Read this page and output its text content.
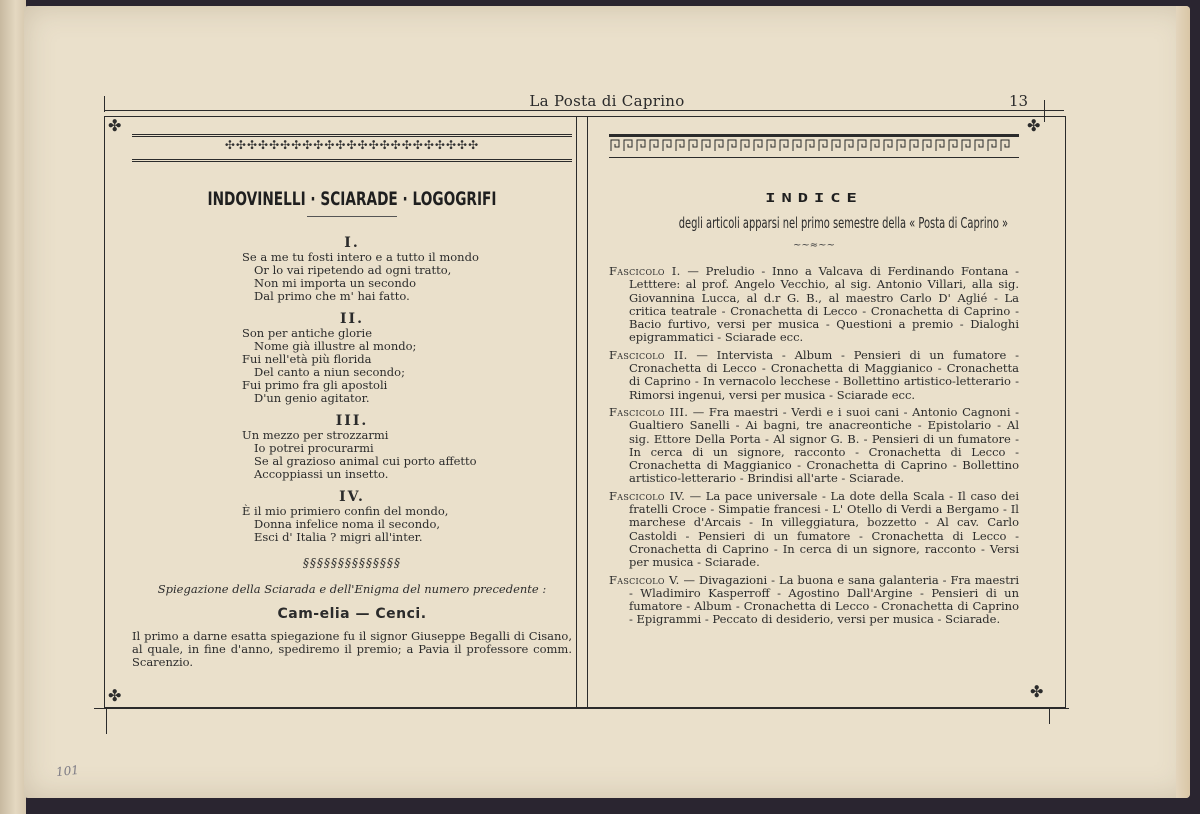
La Posta di Caprino	13
✤
✤
✤
✤
✣✣✣✣✣✣✣✣✣✣✣✣✣✣✣✣✣✣✣✣✣✣✣
INDOVINELLI · SCIARADE · LOGOGRIFI
I.
Se a me tu fosti intero e a tutto il mondo
Or lo vai ripetendo ad ogni tratto,
Non mi importa un secondo
Dal primo che m' hai fatto.
II.
Son per antiche glorie
Nome già illustre al mondo;
Fui nell'età più florida
Del canto a niun secondo;
Fui primo fra gli apostoli
D'un genio agitator.
III.
Un mezzo per strozzarmi
Io potrei procurarmi
Se al grazioso animal cui porto affetto
Accoppiassi un insetto.
IV.
È il mio primiero confin del mondo,
Donna infelice noma il secondo,
Esci d' Italia ? migri all'inter.
§§§§§§§§§§§§§§
Spiegazione della Sciarada e dell'Enigma del numero precedente :
Cam-elia — Cenci.
Il primo a darne esatta spiegazione fu il signor Giuseppe Begalli di Cisano, al quale, in fine d'anno, spediremo il premio; a Pavia il professore comm. Scarenzio.
INDICE
degli articoli apparsi nel primo semestre della « Posta di Caprino »
~~≈~~
Fascicolo I. — Preludio - Inno a Valcava di Ferdinando Fontana - Letttere: al prof. Angelo Vecchio, al sig. Antonio Villari, alla sig. Giovannina Lucca, al d.r G. B., al maestro Carlo D' Aglié - La critica teatrale - Cronachetta di Lecco - Cronachetta di Caprino - Bacio furtivo, versi per musica - Questioni a premio - Dialoghi epigrammatici - Sciarade ecc.
Fascicolo II. — Intervista - Album - Pensieri di un fumatore - Cronachetta di Lecco - Cronachetta di Maggianico - Cronachetta di Caprino - In vernacolo lecchese - Bollettino artistico-letterario - Rimorsi ingenui, versi per musica - Sciarade ecc.
Fascicolo III. — Fra maestri - Verdi e i suoi cani - Antonio Cagnoni - Gualtiero Sanelli - Ai bagni, tre anacreontiche - Epistolario - Al sig. Ettore Della Porta - Al signor G. B. - Pensieri di un fumatore - In cerca di un signore, racconto - Cronachetta di Lecco - Cronachetta di Maggianico - Cronachetta di Caprino - Bollettino artistico-letterario - Brindisi all'arte - Sciarade.
Fascicolo IV. — La pace universale - La dote della Scala - Il caso dei fratelli Croce - Simpatie francesi - L' Otello di Verdi a Bergamo - Il marchese d'Arcais - In villeggiatura, bozzetto - Al cav. Carlo Castoldi - Pensieri di un fumatore - Cronachetta di Lecco - Cronachetta di Caprino - In cerca di un signore, racconto - Versi per musica - Sciarade.
Fascicolo V. — Divagazioni - La buona e sana galanteria - Fra maestri - Wladimiro Kasperroff - Agostino Dall'Argine - Pensieri di un fumatore - Album - Cronachetta di Lecco - Cronachetta di Caprino - Epigrammi - Peccato di desiderio, versi per musica - Sciarade.
101
